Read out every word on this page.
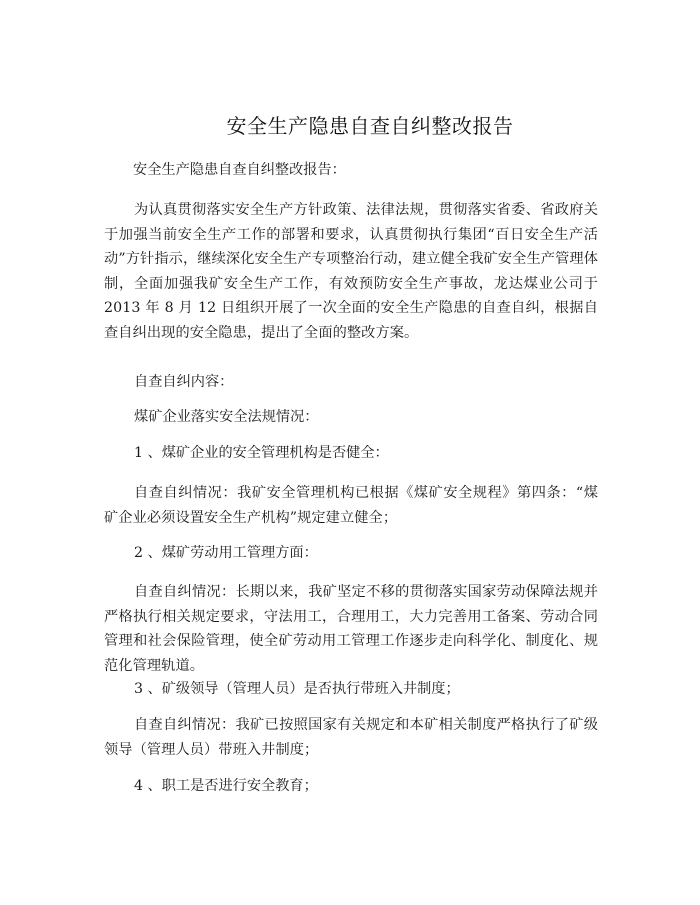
安全生产隐患自查自纠整改报告
安全生产隐患自查自纠整改报告：
为认真贯彻落实安全生产方针政策、法律法规，贯彻落实省委、省政府关于加强当前安全生产工作的部署和要求，认真贯彻执行集团“百日安全生产活动”方针指示，继续深化安全生产专项整治行动，建立健全我矿安全生产管理体制，全面加强我矿安全生产工作，有效预防安全生产事故，龙达煤业公司于 2013 年 8 月 12 日组织开展了一次全面的安全生产隐患的自查自纠，根据自查自纠出现的安全隐患，提出了全面的整改方案。
自查自纠内容：
煤矿企业落实安全法规情况：
1 、煤矿企业的安全管理机构是否健全：
自查自纠情况：我矿安全管理机构已根据《煤矿安全规程》第四条：“煤矿企业必须设置安全生产机构”规定建立健全；
2 、煤矿劳动用工管理方面：
自查自纠情况：长期以来，我矿坚定不移的贯彻落实国家劳动保障法规并严格执行相关规定要求，守法用工，合理用工，大力完善用工备案、劳动合同管理和社会保险管理，使全矿劳动用工管理工作逐步走向科学化、制度化、规范化管理轨道。
3 、矿级领导（管理人员）是否执行带班入井制度；
自查自纠情况：我矿已按照国家有关规定和本矿相关制度严格执行了矿级领导（管理人员）带班入井制度；
4 、职工是否进行安全教育；
